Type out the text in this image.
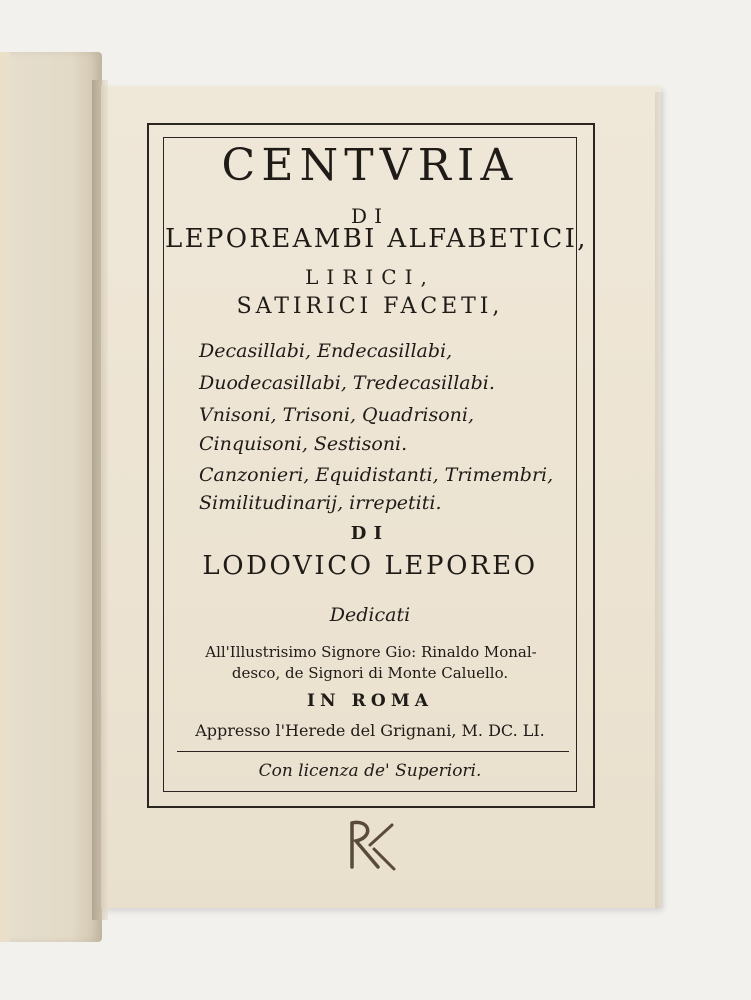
CENTVRIA
DI
LEPOREAMBI ALFABETICI,
LIRICI,
SATIRICI FACETI,
Decasillabi, Endecasillabi,
Duodecasillabi, Tredecasillabi.
Vnisoni, Trisoni, Quadrisoni,
Cinquisoni, Sestisoni.
Canzonieri, Equidistanti, Trimembri,
Similitudinarij, irrepetiti.
DI
LODOVICO LEPOREO
Dedicati
All'Illustrisimo Signore Gio: Rinaldo Monal-
desco, de Signori di Monte Caluello.
IN ROMA
Appresso l'Herede del Grignani, M. DC. LI.
Con licenza de' Superiori.
